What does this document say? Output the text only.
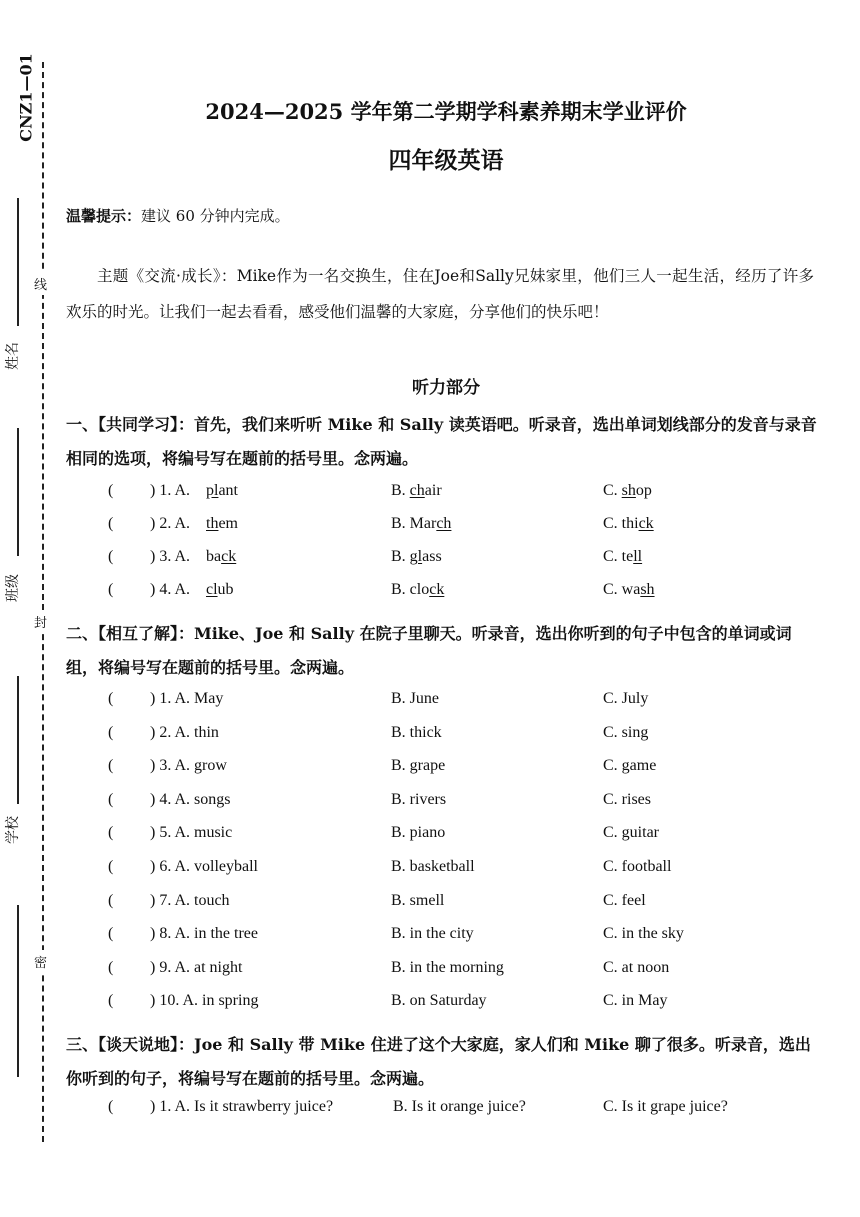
CNZ1—01
线
封
密
姓名
班级
学校
2024—2025 学年第二学期学科素养期末学业评价
四年级英语
温馨提示：建议 60 分钟内完成。
主题《交流·成长》：Mike作为一名交换生，住在Joe和Sally兄妹家里，他们三人一起生活，经历了许多欢乐的时光。让我们一起去看看，感受他们温馨的大家庭，分享他们的快乐吧！
听力部分
一、【共同学习】：首先，我们来听听 Mike 和 Sally 读英语吧。听录音，选出单词划线部分的发音与录音相同的选项，将编号写在题前的括号里。念两遍。
( ) 1. A. plant	B. chair	C. shop
( ) 2. A. them	B. March	C. thick
( ) 3. A. back	B. glass	C. tell
( ) 4. A. club	B. clock	C. wash
二、【相互了解】：Mike、Joe 和 Sally 在院子里聊天。听录音，选出你听到的句子中包含的单词或词组，将编号写在题前的括号里。念两遍。
( ) 1. A. May	B. June	C. July
( ) 2. A. thin	B. thick	C. sing
( ) 3. A. grow	B. grape	C. game
( ) 4. A. songs	B. rivers	C. rises
( ) 5. A. music	B. piano	C. guitar
( ) 6. A. volleyball	B. basketball	C. football
( ) 7. A. touch	B. smell	C. feel
( ) 8. A. in the tree	B. in the city	C. in the sky
( ) 9. A. at night	B. in the morning	C. at noon
( ) 10. A. in spring	B. on Saturday	C. in May
三、【谈天说地】：Joe 和 Sally 带 Mike 住进了这个大家庭，家人们和 Mike 聊了很多。听录音，选出你听到的句子，将编号写在题前的括号里。念两遍。
( ) 1. A. Is it strawberry juice?	B. Is it orange juice?	C. Is it grape juice?
